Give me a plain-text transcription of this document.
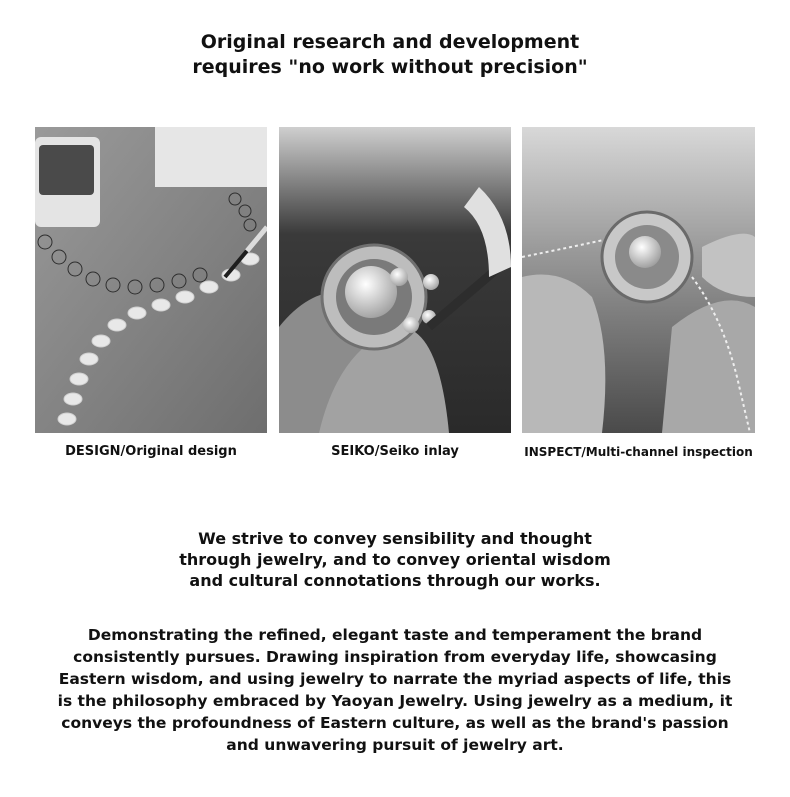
Original research and development
requires "no work without precision"
DESIGN/Original design	SEIKO/Seiko inlay	INSPECT/Multi-channel inspection

We strive to convey sensibility and thought
through jewelry, and to convey oriental wisdom
and cultural connotations through our works.

Demonstrating the refined, elegant taste and temperament the brand
consistently pursues. Drawing inspiration from everyday life, showcasing
Eastern wisdom, and using jewelry to narrate the myriad aspects of life, this
is the philosophy embraced by Yaoyan Jewelry. Using jewelry as a medium, it
conveys the profoundness of Eastern culture, as well as the brand's passion
and unwavering pursuit of jewelry art.
